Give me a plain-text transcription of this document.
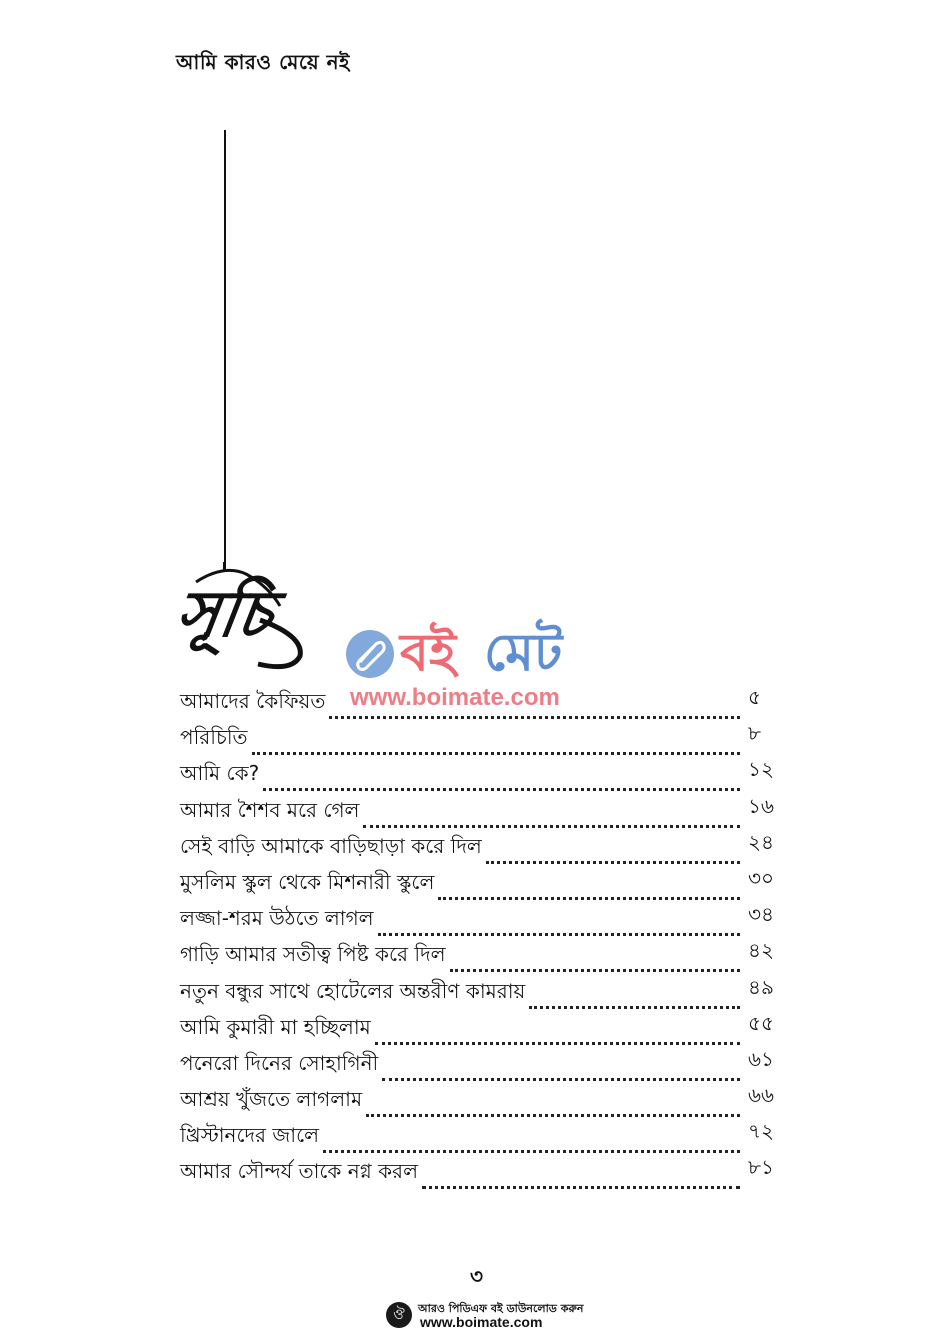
আমি কারও মেয়ে নই
সূচি
বই মেট
www.boimate.com
আমাদের কৈফিয়ত	৫
পরিচিতি	৮
আমি কে?	১২
আমার শৈশব মরে গেল	১৬
সেই বাড়ি আমাকে বাড়িছাড়া করে দিল	২৪
মুসলিম স্কুল থেকে মিশনারী স্কুলে	৩০
লজ্জা-শরম উঠতে লাগল	৩৪
গাড়ি আমার সতীত্ব পিষ্ট করে দিল	৪২
নতুন বন্ধুর সাথে হোটেলের অন্তরীণ কামরায়	৪৯
আমি কুমারী মা হচ্ছিলাম	৫৫
পনেরো দিনের সোহাগিনী	৬১
আশ্রয় খুঁজতে লাগলাম	৬৬
খ্রিস্টানদের জালে	৭২
আমার সৌন্দর্য তাকে নগ্ন করল	৮১
৩
ঔ	আরও পিডিএফ বই ডাউনলোড করুন
www.boimate.com
